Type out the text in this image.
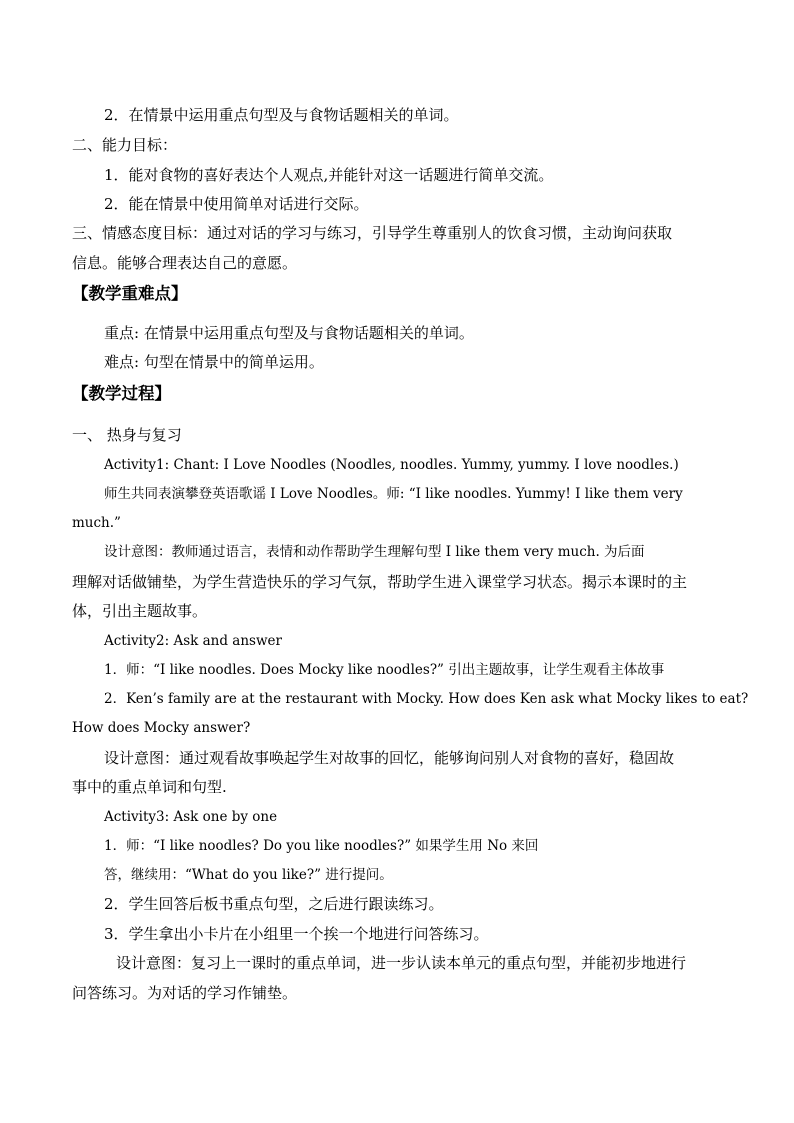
2．在情景中运用重点句型及与食物话题相关的单词。
二、能力目标：
1．能对食物的喜好表达个人观点,并能针对这一话题进行简单交流。
2．能在情景中使用简单对话进行交际。
三、情感态度目标：通过对话的学习与练习，引导学生尊重别人的饮食习惯，主动询问获取
信息。能够合理表达自己的意愿。
【教学重难点】
重点: 在情景中运用重点句型及与食物话题相关的单词。
难点: 句型在情景中的简单运用。
【教学过程】
一、 热身与复习
Activity1: Chant: I Love Noodles (Noodles, noodles. Yummy, yummy. I love noodles.)
师生共同表演攀登英语歌谣 I Love Noodles。师: “I like noodles. Yummy! I like them very
much.”
设计意图：教师通过语言，表情和动作帮助学生理解句型 I like them very much. 为后面
理解对话做铺垫，为学生营造快乐的学习气氛，帮助学生进入课堂学习状态。揭示本课时的主
体，引出主题故事。
Activity2: Ask and answer
1．师：“I like noodles. Does Mocky like noodles?” 引出主题故事，让学生观看主体故事
2．Ken’s family are at the restaurant with Mocky. How does Ken ask what Mocky likes to eat?
How does Mocky answer?
设计意图：通过观看故事唤起学生对故事的回忆，能够询问别人对食物的喜好，稳固故
事中的重点单词和句型.
Activity3: Ask one by one
1．师：“I like noodles? Do you like noodles?” 如果学生用 No 来回
答，继续用：“What do you like?” 进行提问。
2．学生回答后板书重点句型，之后进行跟读练习。
3．学生拿出小卡片在小组里一个挨一个地进行问答练习。
设计意图：复习上一课时的重点单词，进一步认读本单元的重点句型，并能初步地进行
问答练习。为对话的学习作铺垫。
